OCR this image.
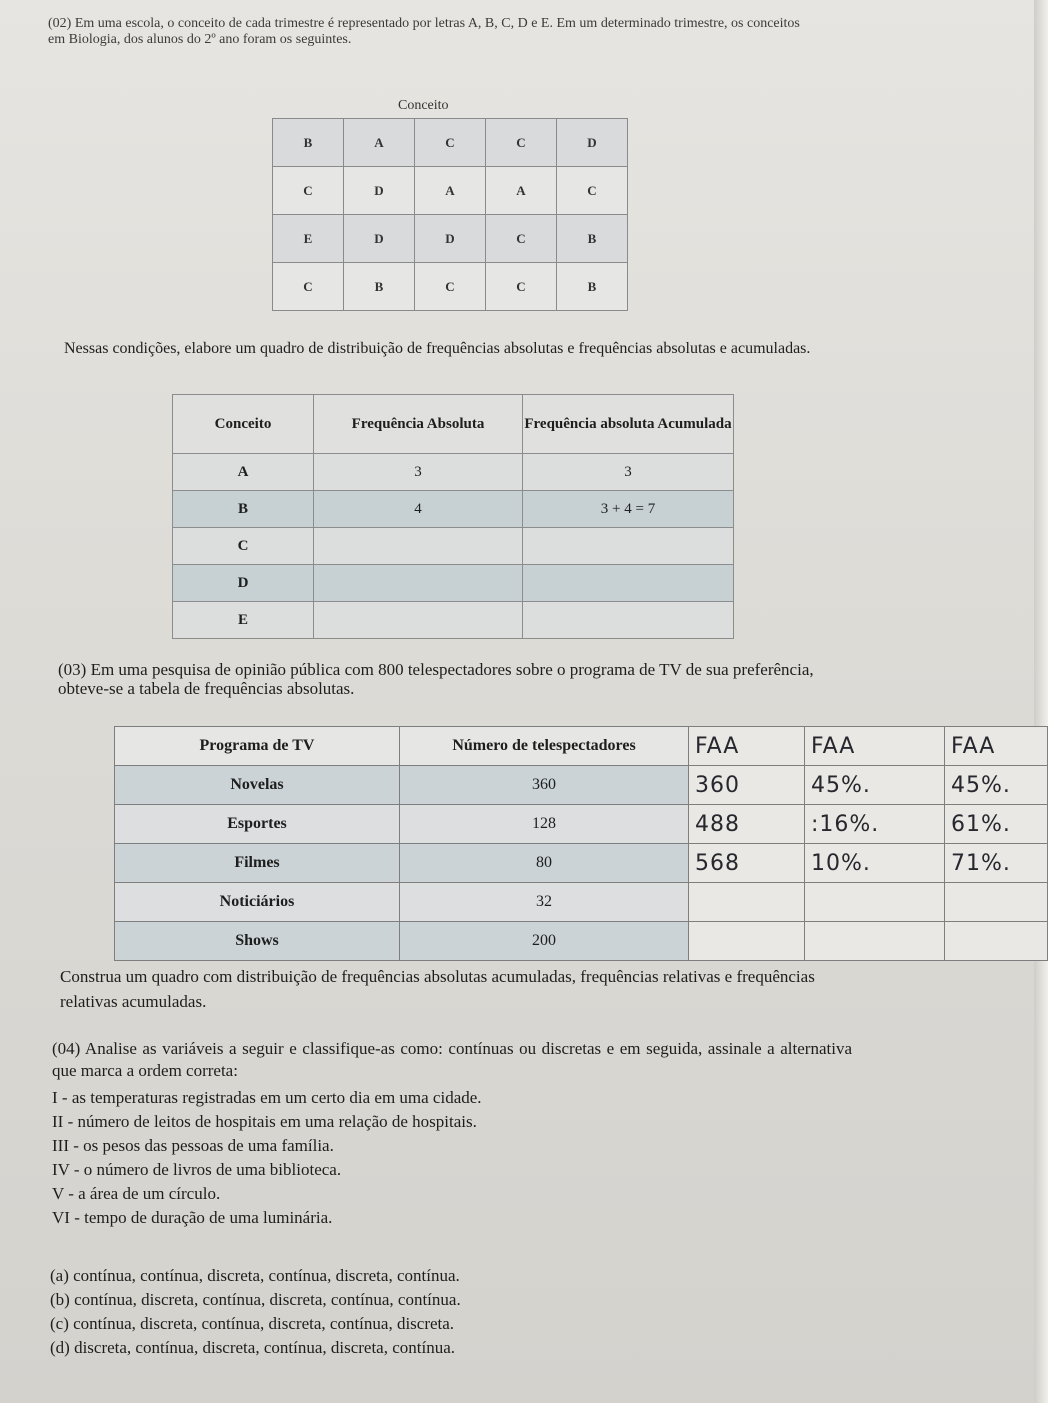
(02) Em uma escola, o conceito de cada trimestre é representado por letras A, B, C, D e E. Em um determinado trimestre, os conceitos em Biologia, dos alunos do 2º ano foram os seguintes.

Conceito
B	A	C	C	D
C	D	A	A	C
E	D	D	C	B
C	B	C	C	B

Nessas condições, elabore um quadro de distribuição de frequências absolutas e frequências absolutas e acumuladas.

Conceito	Frequência Absoluta	Frequência absoluta Acumulada
A	3	3
B	4	3 + 4 = 7
C		
D		
E		

(03) Em uma pesquisa de opinião pública com 800 telespectadores sobre o programa de TV de sua preferência, obteve-se a tabela de frequências absolutas.

Programa de TV	Número de telespectadores	FAA	FAA	FAA
Novelas	360	360	45%.	45%.
Esportes	128	488	:16%.	61%.
Filmes	80	568	10%.	71%.
Noticiários	32			
Shows	200			

Construa um quadro com distribuição de frequências absolutas acumuladas, frequências relativas e frequências relativas acumuladas.

(04) Analise as variáveis a seguir e classifique-as como: contínuas ou discretas e em seguida, assinale a alternativa que marca a ordem correta:

I - as temperaturas registradas em um certo dia em uma cidade.

II - número de leitos de hospitais em uma relação de hospitais.

III - os pesos das pessoas de uma família.

IV - o número de livros de uma biblioteca.

V - a área de um círculo.

VI - tempo de duração de uma luminária.

(a) contínua, contínua, discreta, contínua, discreta, contínua.

(b) contínua, discreta, contínua, discreta, contínua, contínua.

(c) contínua, discreta, contínua, discreta, contínua, discreta.

(d) discreta, contínua, discreta, contínua, discreta, contínua.
